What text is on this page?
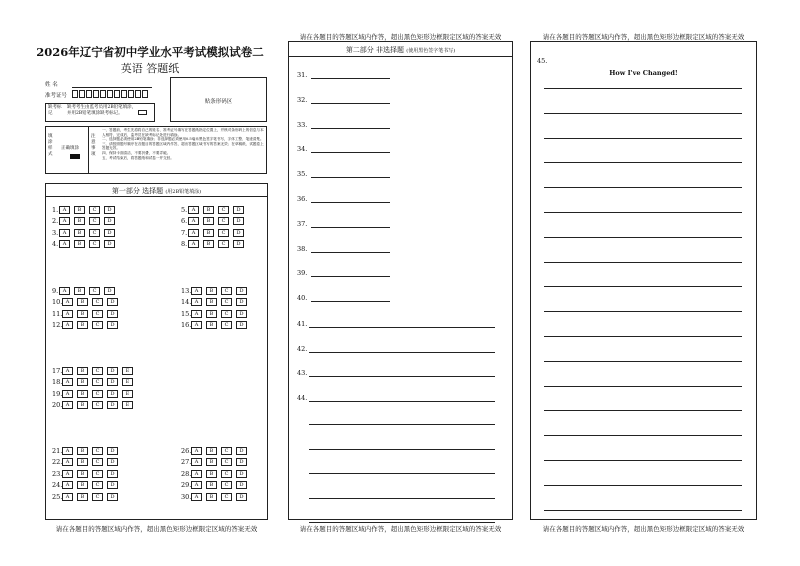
2026年辽宁省初中学业水平考试模拟试卷二
英语 答题纸
姓 名
准考证号
贴条形码区
缺考标记
缺考考生由监考员用2B铅笔填涂，并用2B铅笔填涂缺考标记。
填涂样式
正确填涂
注意事项
一、答题前，考生先将将自己的姓名、准考证号填写在答题纸指定位置上，并核对条形码上的信息与本人相符，完成后，监考员在缺考标记处进行填涂。
二、选择题必须使用2B铅笔填涂；非选择题必须使用0.5毫米黑色签字笔书写，字体工整、笔迹清楚。
三、请按照题号顺序在各题目的答题区域内作答，超出答题区域书写的答案无效；在草稿纸、试题卷上答题无效。
四、保持卡面清洁，不要折叠，不要弄破。
五、考试结束后，将答题纸和试卷一并交回。
第一部分 选择题 (用2B铅笔填涂)
1. A	B	C	D
2. A	B	C	D
3. A	B	C	D
4. A	B	C	D
5. A	B	C	D
6. A	B	C	D
7. A	B	C	D
8. A	B	C	D
9. A	B	C	D
10. A	B	C	D
11. A	B	C	D
12. A	B	C	D
13. A	B	C	D
14. A	B	C	D
15. A	B	C	D
16. A	B	C	D
17. A	B	C	D	E
18. A	B	C	D	E
19. A	B	C	D	E
20. A	B	C	D	E
21. A	B	C	D
22. A	B	C	D
23. A	B	C	D
24. A	B	C	D
25. A	B	C	D
26. A	B	C	D
27. A	B	C	D
28. A	B	C	D
29. A	B	C	D
30. A	B	C	D
请在各题目的答题区域内作答，超出黑色矩形边框限定区域的答案无效
请在各题目的答题区域内作答，超出黑色矩形边框限定区域的答案无效
第二部分 非选择题 (使用黑色签字笔书写)
31.
32.
33.
34.
35.
36.
37.
38.
39.
40.
41.
42.
43.
44.
请在各题目的答题区域内作答，超出黑色矩形边框限定区域的答案无效
请在各题目的答题区域内作答，超出黑色矩形边框限定区域的答案无效
45.
How I've Changed!
请在各题目的答题区域内作答，超出黑色矩形边框限定区域的答案无效
